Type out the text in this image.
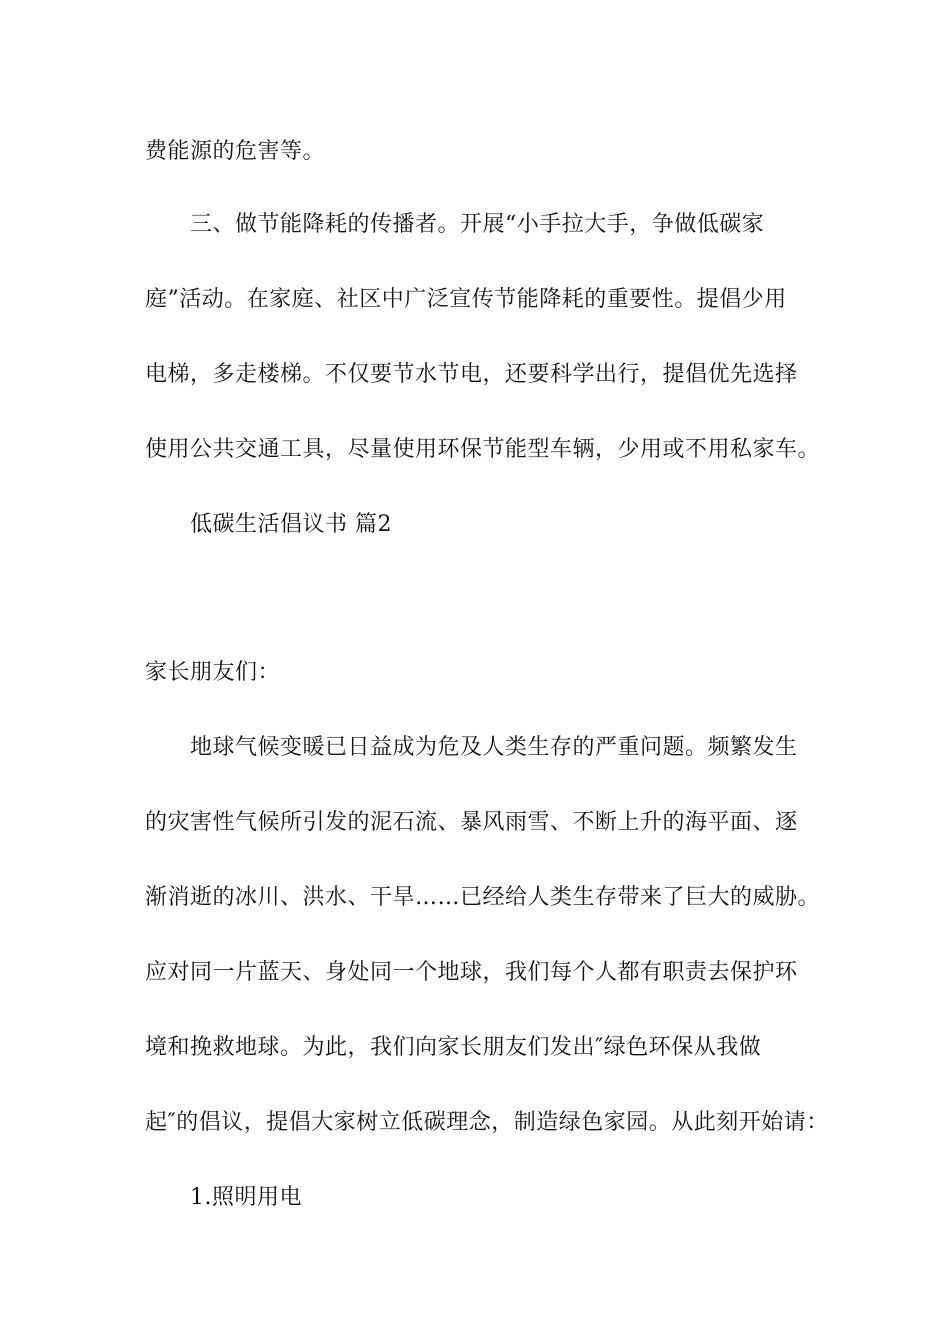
费能源的危害等。
三、做节能降耗的传播者。开展“小手拉大手，争做低碳家
庭”活动。在家庭、社区中广泛宣传节能降耗的重要性。提倡少用
电梯，多走楼梯。不仅要节水节电，还要科学出行，提倡优先选择
使用公共交通工具，尽量使用环保节能型车辆，少用或不用私家车。
低碳生活倡议书 篇2
家长朋友们：
地球气候变暖已日益成为危及人类生存的严重问题。频繁发生
的灾害性气候所引发的泥石流、暴风雨雪、不断上升的海平面、逐
渐消逝的冰川、洪水、干旱……已经给人类生存带来了巨大的威胁。
应对同一片蓝天、身处同一个地球，我们每个人都有职责去保护环
境和挽救地球。为此，我们向家长朋友们发出″绿色环保从我做
起″的倡议，提倡大家树立低碳理念，制造绿色家园。从此刻开始请：
1.照明用电
